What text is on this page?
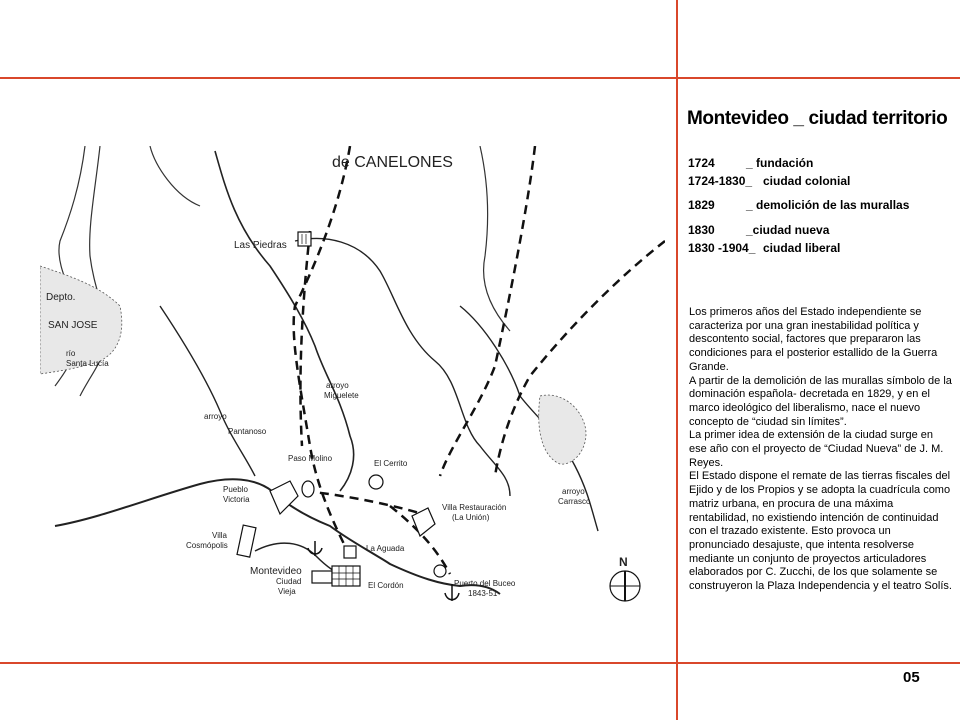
N
de CANELONES
Las Piedras
Depto.
SAN JOSE
río
Santa Lucía
arroyo
Miguelete
arroyo
Pantanoso
Paso Molino
El Cerrito
Pueblo
Victoria
Villa Restauración
(La Unión)
arroyo
Carrasco
Villa
Cosmópolis	La Aguada
Montevideo
Ciudad
Vieja
El Cordón	Puerto del Buceo
1843-51
Montevideo _ ciudad territorio
1724	_ fundación
1724-1830_ ciudad colonial
1829	_ demolición de las murallas
1830	_ciudad nueva
1830 -1904_ ciudad liberal

Los primeros años del Estado independiente se caracteriza por una gran inestabilidad política y descontento social, factores que prepararon las condiciones para el posterior estallido de la Guerra Grande.

A partir de la demolición de las murallas símbolo de la dominación española- decretada en 1829, y en el marco ideológico del liberalismo, nace el nuevo concepto de “ciudad sin límites”.

La primer idea de extensión de la ciudad surge en ese año con el proyecto de “Ciudad Nueva” de J. M. Reyes.

El Estado dispone el remate de las tierras fiscales del Ejido y de los Propios y se adopta la cuadrícula como matriz urbana, en procura de una máxima rentabilidad, no existiendo intención de continuidad con el trazado existente. Esto provoca un pronunciado desajuste, que intenta resolverse mediante un conjunto de proyectos articuladores elaborados por C. Zucchi, de los que solamente se construyeron la Plaza Independencia y el teatro Solís.

05
